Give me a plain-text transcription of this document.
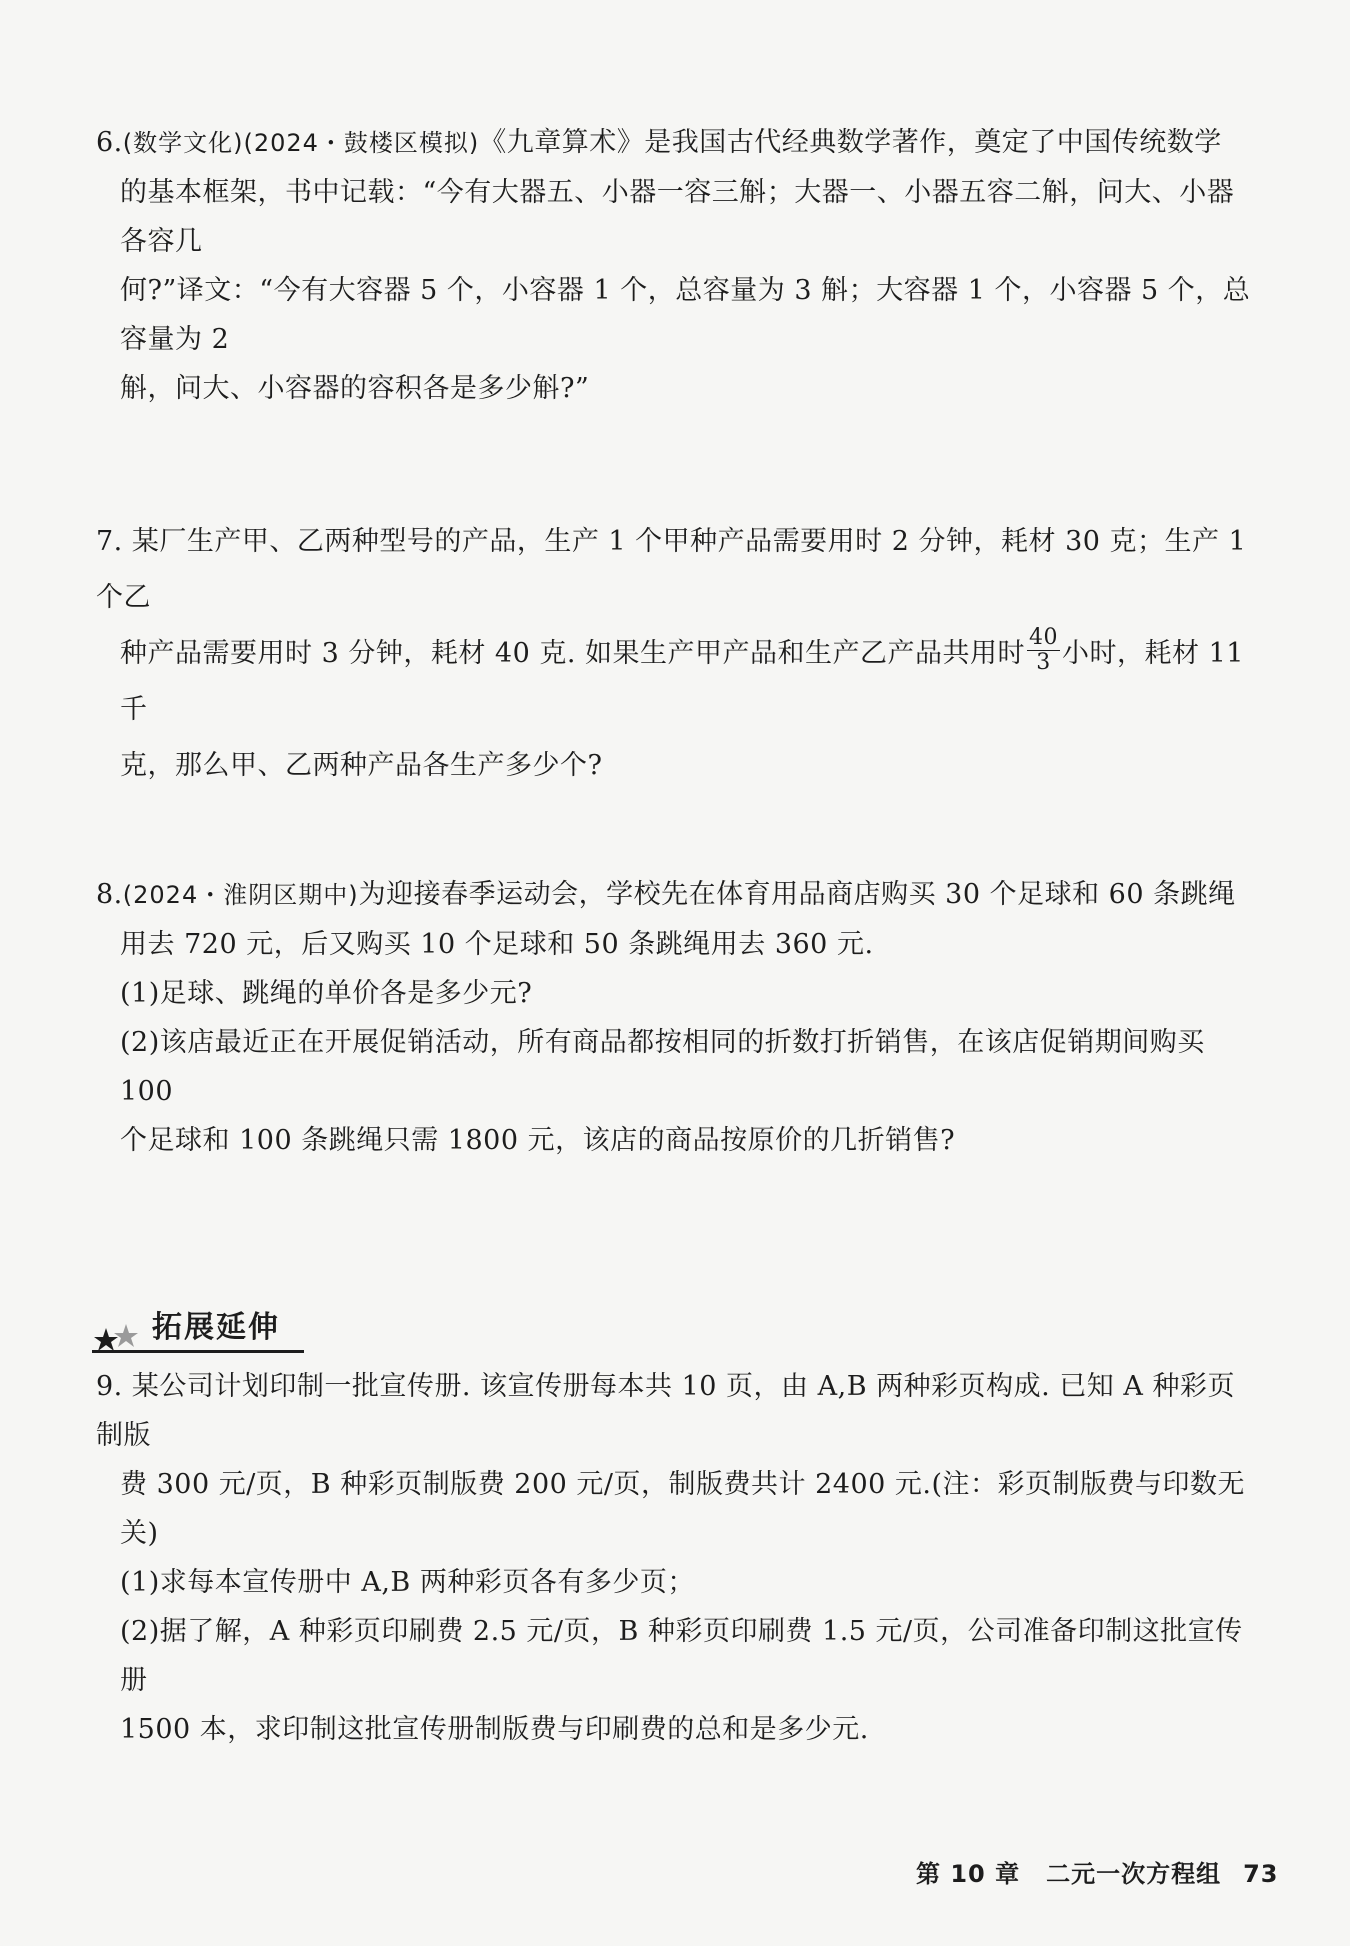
6.(数学文化)(2024・鼓楼区模拟)《九章算术》是我国古代经典数学著作，奠定了中国传统数学

的基本框架，书中记载：“今有大器五、小器一容三斛；大器一、小器五容二斛，问大、小器各容几

何?”译文：“今有大容器 5 个，小容器 1 个，总容量为 3 斛；大容器 1 个，小容器 5 个，总容量为 2

斛，问大、小容器的容积各是多少斛?”

7. 某厂生产甲、乙两种型号的产品，生产 1 个甲种产品需要用时 2 分钟，耗材 30 克；生产 1 个乙

种产品需要用时 3 分钟，耗材 40 克. 如果生产甲产品和生产乙产品共用时 $\frac{40}{3}$ 小时，耗材 11 千

克，那么甲、乙两种产品各生产多少个?

8.(2024・淮阴区期中)为迎接春季运动会，学校先在体育用品商店购买 30 个足球和 60 条跳绳

用去 720 元，后又购买 10 个足球和 50 条跳绳用去 360 元.

(1)足球、跳绳的单价各是多少元?

(2)该店最近正在开展促销活动，所有商品都按相同的折数打折销售，在该店促销期间购买 100

个足球和 100 条跳绳只需 1800 元，该店的商品按原价的几折销售?

拓展延伸

9. 某公司计划印制一批宣传册. 该宣传册每本共 10 页，由 A,B 两种彩页构成. 已知 A 种彩页制版

费 300 元/页，B 种彩页制版费 200 元/页，制版费共计 2400 元.(注：彩页制版费与印数无关)

(1)求每本宣传册中 A,B 两种彩页各有多少页；

(2)据了解，A 种彩页印刷费 2.5 元/页，B 种彩页印刷费 1.5 元/页，公司准备印制这批宣传册

1500 本，求印制这批宣传册制版费与印刷费的总和是多少元.

第 10 章 二元一次方程组 73
